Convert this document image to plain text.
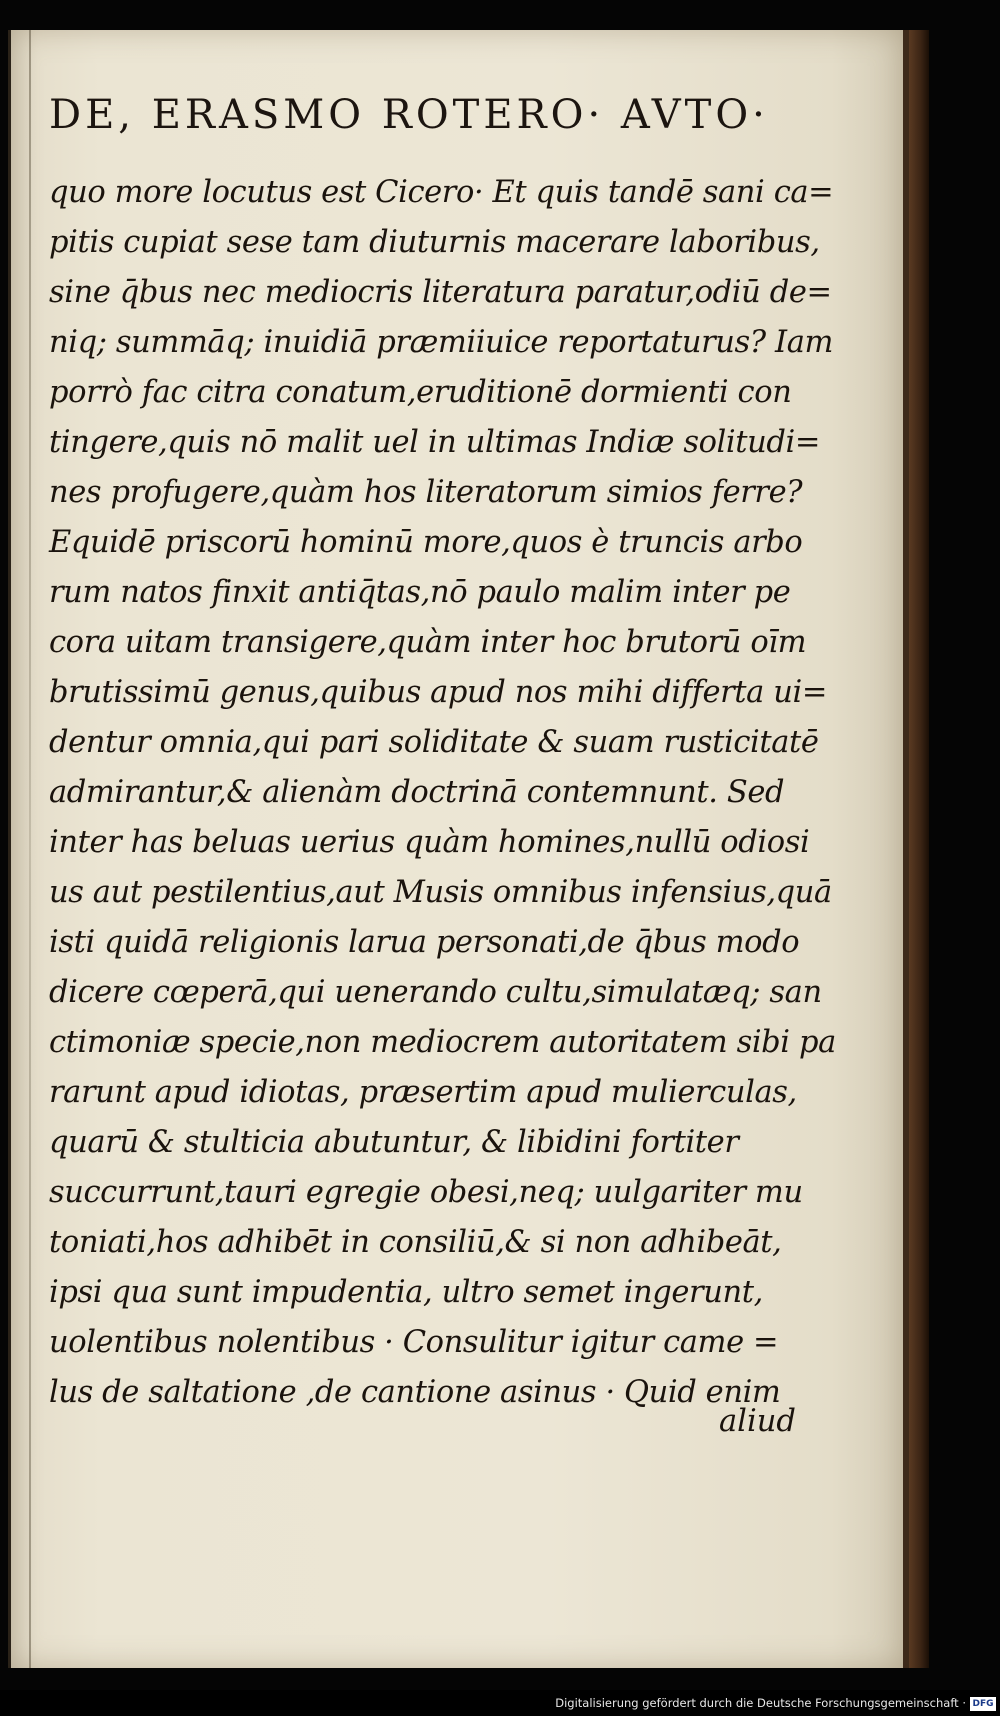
DE, ERASMO ROTERO· AVTO·
quo more locutus est Cicero· Et quis tandē sani ca=
pitis cupiat sese tam diuturnis macerare laboribus,
sine q̄bus nec mediocris literatura paratur,odiū de=
niq; summāq; inuidiā præmiiuice reportaturus? Iam
porrò fac citra conatum,eruditionē dormienti con
tingere,quis nō malit uel in ultimas Indiæ solitudi=
nes profugere,quàm hos literatorum simios ferre?
Equidē priscorū hominū more,quos è truncis arbo
rum natos finxit antiq̄tas,nō paulo malim inter pe
cora uitam transigere,quàm inter hoc brutorū oīm
brutissimū genus,quibus apud nos mihi differta ui=
dentur omnia,qui pari soliditate & suam rusticitatē
admirantur,& alienàm doctrinā contemnunt. Sed
inter has beluas uerius quàm homines,nullū odiosi
us aut pestilentius,aut Musis omnibus infensius,quā
isti quidā religionis larua personati,de q̄bus modo
dicere cœperā,qui uenerando cultu,simulatæq; san
ctimoniæ specie,non mediocrem autoritatem sibi pa
rarunt apud idiotas, præsertim apud mulierculas,
quarū & stulticia abutuntur, & libidini fortiter
succurrunt,tauri egregie obesi,neq; uulgariter mu
toniati,hos adhibēt in consiliū,& si non adhibeāt,
ipsi qua sunt impudentia, ultro semet ingerunt,
uolentibus nolentibus · Consulitur igitur came =
lus de saltatione ,de cantione asinus · Quid enim
aliud
Digitalisierung gefördert durch die Deutsche Forschungsgemeinschaft · DFG
